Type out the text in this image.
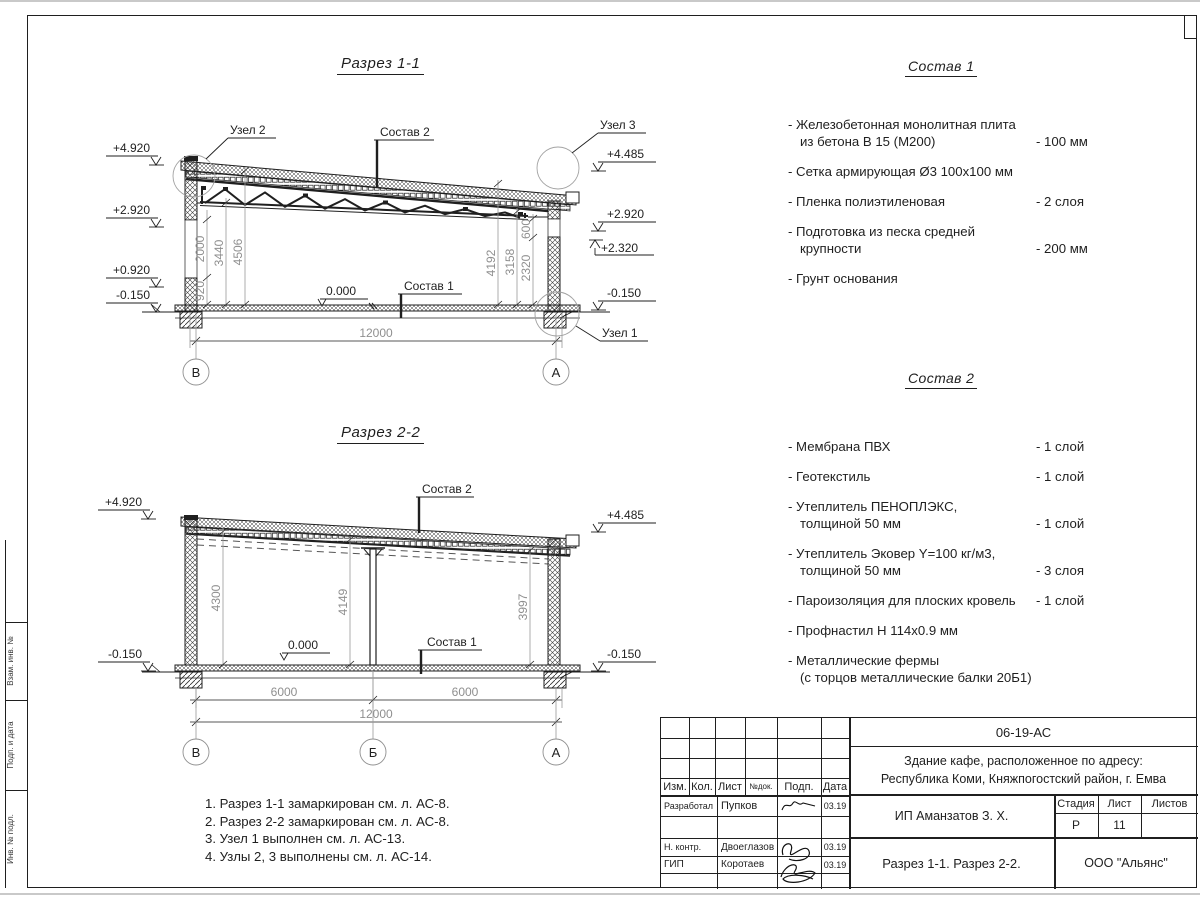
Взам. инв. №
Подп. и дата
Инв. № подл.
Разрез 1-1
Разрез 2-2
Состав 1
Состав 2
В	А
Узел 2	Узел 3
Узел 1
Состав 2
Состав 1
0.000
+4.920
+2.920
+0.920
-0.150
+4.485
+2.920
+2.320
-0.150
920
2000 3440 4506	4192 3158 2320
600
12000
В	Б	А
Состав 2
Состав 1
0.000
+4.920
-0.150
+4.485
-0.150
4300	4149	3997
6000	6000
12000
- Железобетонная монолитная плита
из бетона В 15 (М200)	- 100 мм
- Сетка армирующая Ø3 100х100 мм
- Пленка полиэтиленовая	- 2 слоя
- Подготовка из песка средней
крупности	- 200 мм
- Грунт основания
- Мембрана ПВХ	- 1 слой
- Геотекстиль	- 1 слой
- Утеплитель ПЕНОПЛЭКС,
толщиной 50 мм	- 1 слой
- Утеплитель Эковер Y=100 кг/м3,
толщиной 50 мм	- 3 слоя
- Пароизоляция для плоских кровель	- 1 слой
- Профнастил Н 114х0.9 мм
- Металлические фермы
(с торцов металлические балки 20Б1)
1. Разрез 1-1 замаркирован см. л. АС-8.
2. Разрез 2-2 замаркирован см. л. АС-8.
3. Узел 1 выполнен см. л. АС-13.
4. Узлы 2, 3 выполнены см. л. АС-14.
Изм. Кол. Лист №док.	Подп. Дата
Разработал Пупков	03.19
Н. контр.	Двоеглазов	03.19
ГИП	Коротаев	03.19
06-19-АС
Здание кафе, расположенное по адресу:
Республика Коми, Княжпогостский район, г. Емва
ИП Аманзатов З. Х.
Разрез 1-1. Разрез 2-2.
Стадия	Лист	Листов
Р	11
ООО "Альянс"
